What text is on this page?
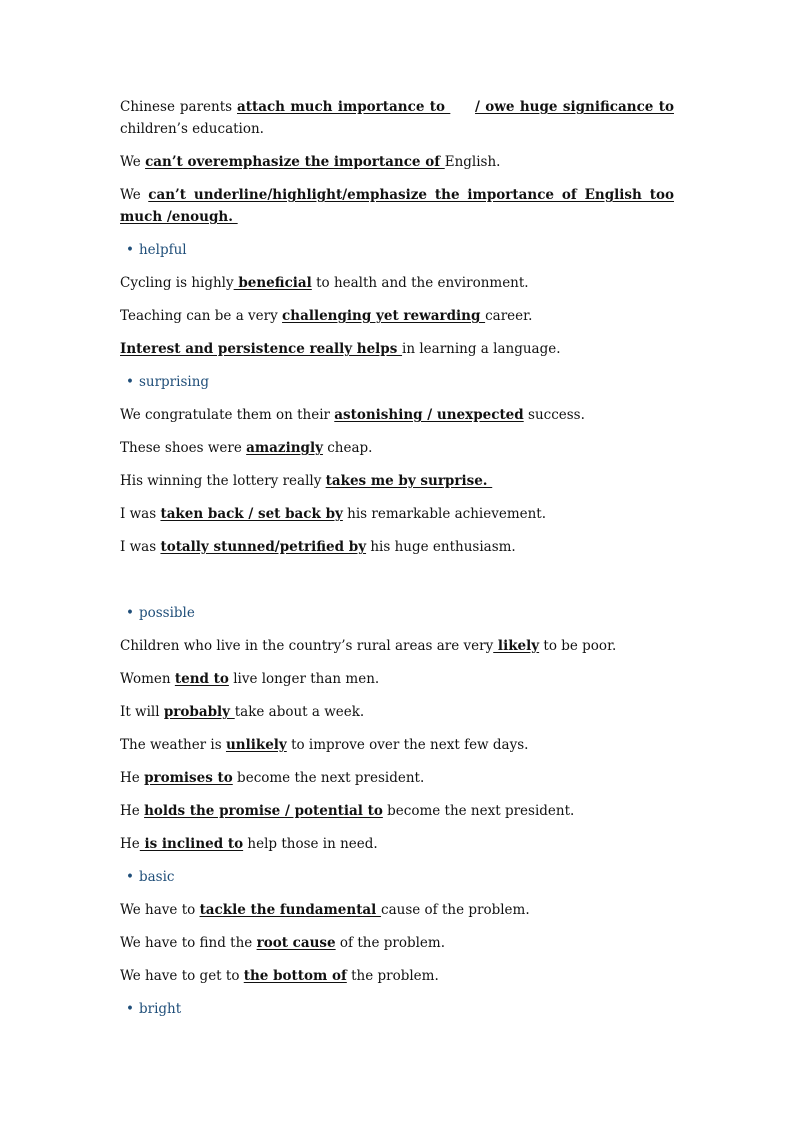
Chinese parents attach much importance to      / owe huge significance to
children’s education.
We can’t overemphasize the importance of English.
We can’t underline/highlight/emphasize the importance of English too
much /enough.
• helpful
Cycling is highly beneficial to health and the environment.
Teaching can be a very challenging yet rewarding career.
Interest and persistence really helps in learning a language.
• surprising
We congratulate them on their astonishing / unexpected success.
These shoes were amazingly cheap.
His winning the lottery really takes me by surprise.
I was taken back / set back by his remarkable achievement.
I was totally stunned/petrified by his huge enthusiasm.
• possible
Children who live in the country’s rural areas are very likely to be poor.
Women tend to live longer than men.
It will probably take about a week.
The weather is unlikely to improve over the next few days.
He promises to become the next president.
He holds the promise / potential to become the next president.
He is inclined to help those in need.
• basic
We have to tackle the fundamental cause of the problem.
We have to find the root cause of the problem.
We have to get to the bottom of the problem.
• bright
